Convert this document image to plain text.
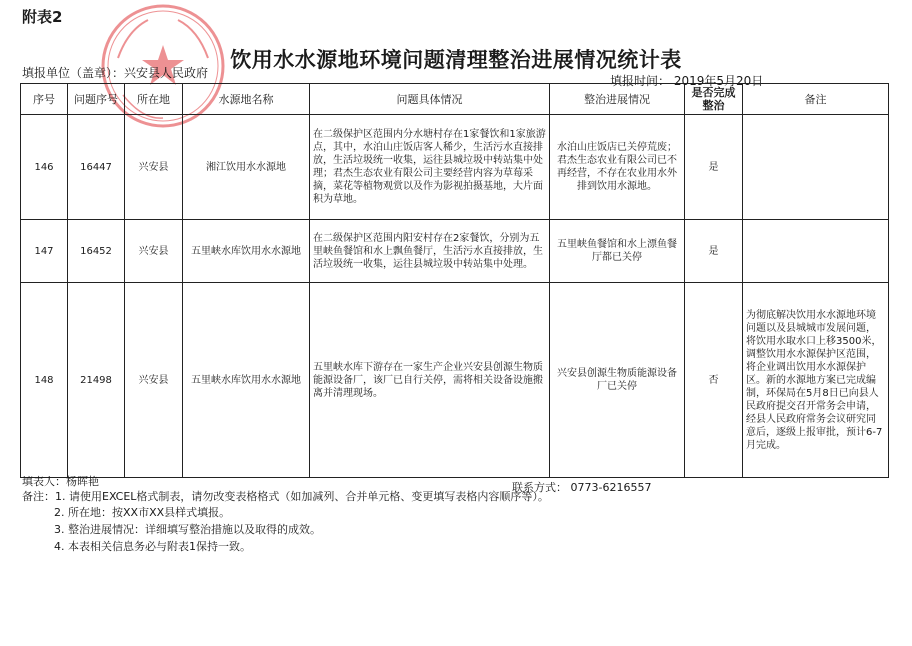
附表2
饮用水水源地环境问题清理整治进展情况统计表
填报单位（盖章）：兴安县人民政府
填报时间： 2019年5月20日
序号	问题序号	所在地	水源地名称	问题具体情况	整治进展情况	是否完成整治	备注
146	16447	兴安县	湘江饮用水水源地	在二级保护区范围内分水塘村存在1家餐饮和1家旅游点，其中，水泊山庄饭店客人稀少，生活污水直接排放，生活垃圾统一收集，运往县城垃圾中转站集中处理；君杰生态农业有限公司主要经营内容为草莓采摘，菜花等植物观赏以及作为影视拍摄基地，大片面积为草地。	水泊山庄饭店已关停荒废；君杰生态农业有限公司已不再经营，不存在农业用水外排到饮用水源地。	是	
147	16452	兴安县	五里峡水库饮用水水源地	在二级保护区范围内阳安村存在2家餐饮，分别为五里峡鱼餐馆和水上飘鱼餐厅，生活污水直接排放，生活垃圾统一收集，运往县城垃圾中转站集中处理。	五里峡鱼餐馆和水上漂鱼餐厅都已关停	是	
148	21498	兴安县	五里峡水库饮用水水源地	五里峡水库下游存在一家生产企业兴安县创源生物质能源设备厂，该厂已自行关停，需将相关设备设施搬离并清理现场。	兴安县创源生物质能源设备厂已关停	否	为彻底解决饮用水水源地环境问题以及县城城市发展问题，将饮用水取水口上移3500米，调整饮用水水源保护区范围，将企业调出饮用水水源保护区。新的水源地方案已完成编制，环保局在5月8日已向县人民政府提交召开常务会申请，经县人民政府常务会议研究同意后，逐级上报审批，预计6-7月完成。
填表人：杨晖艳	联系方式： 0773-6216557
备注：1. 请使用EXCEL格式制表，请勿改变表格格式（如加减列、合并单元格、变更填写表格内容顺序等）。
2. 所在地：按XX市XX县样式填报。
3. 整治进展情况：详细填写整治措施以及取得的成效。
4. 本表相关信息务必与附表1保持一致。
